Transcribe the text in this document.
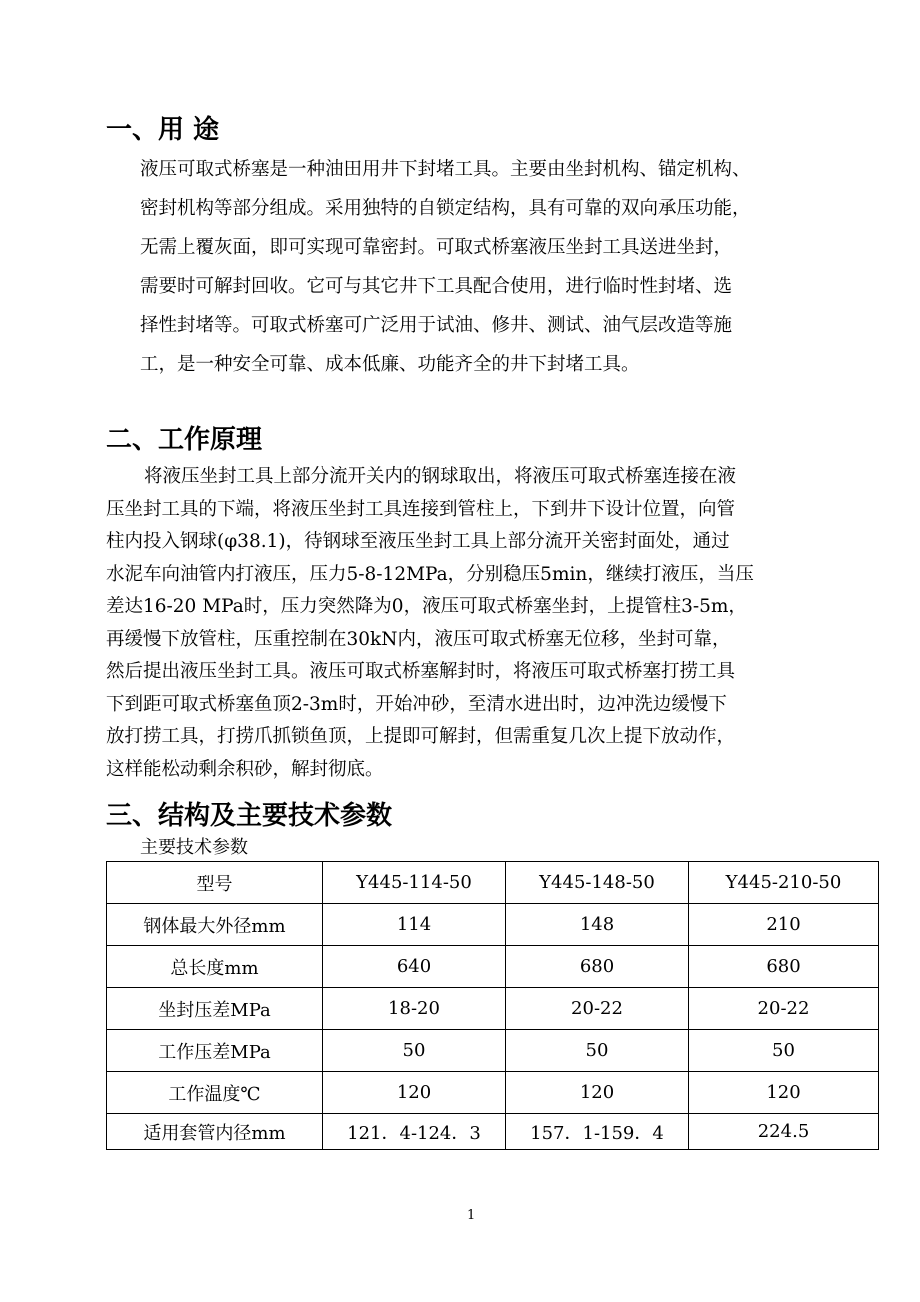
一、用 途
液压可取式桥塞是一种油田用井下封堵工具。主要由坐封机构、锚定机构、
密封机构等部分组成。采用独特的自锁定结构，具有可靠的双向承压功能，
无需上覆灰面，即可实现可靠密封。可取式桥塞液压坐封工具送进坐封，
需要时可解封回收。它可与其它井下工具配合使用，进行临时性封堵、选
择性封堵等。可取式桥塞可广泛用于试油、修井、测试、油气层改造等施
工，是一种安全可靠、成本低廉、功能齐全的井下封堵工具。
二、工作原理
将液压坐封工具上部分流开关内的钢球取出，将液压可取式桥塞连接在液
压坐封工具的下端，将液压坐封工具连接到管柱上，下到井下设计位置，向管
柱内投入钢球(φ38.1)，待钢球至液压坐封工具上部分流开关密封面处，通过
水泥车向油管内打液压，压力5-8-12MPa，分别稳压5min，继续打液压，当压
差达16-20 MPa时，压力突然降为0，液压可取式桥塞坐封，上提管柱3-5m，
再缓慢下放管柱，压重控制在30kN内，液压可取式桥塞无位移，坐封可靠，
然后提出液压坐封工具。液压可取式桥塞解封时，将液压可取式桥塞打捞工具
下到距可取式桥塞鱼顶2-3m时，开始冲砂，至清水进出时，边冲洗边缓慢下
放打捞工具，打捞爪抓锁鱼顶，上提即可解封，但需重复几次上提下放动作，
这样能松动剩余积砂，解封彻底。
三、结构及主要技术参数
主要技术参数
型号	Y445-114-50	Y445-148-50	Y445-210-50
钢体最大外径mm	114	148	210
总长度mm	640	680	680
坐封压差MPa	18-20	20-22	20-22
工作压差MPa	50	50	50
工作温度℃	120	120	120
适用套管内径mm	121．4-124．3	157．1-159．4	224.5
1
